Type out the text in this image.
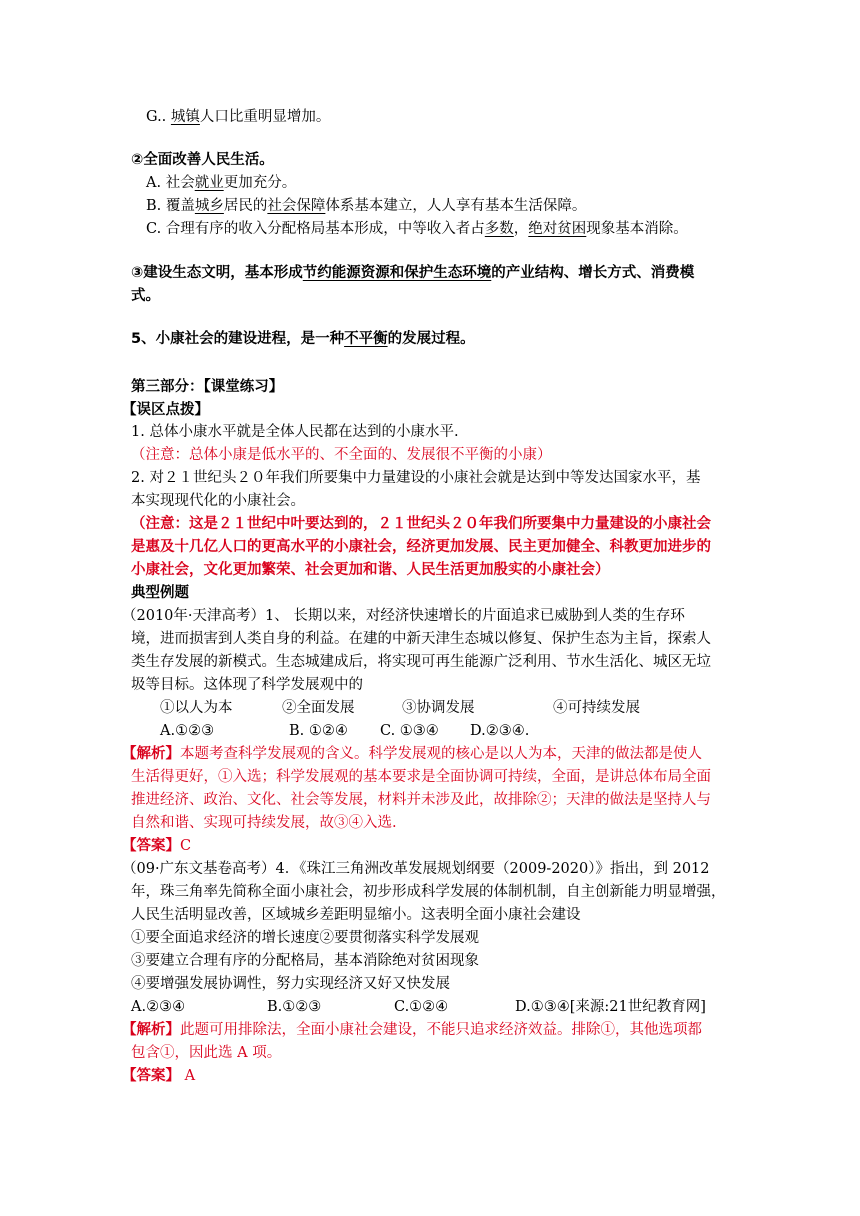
G.. 城镇人口比重明显增加。
②全面改善人民生活。
A. 社会就业更加充分。
B. 覆盖城乡居民的社会保障体系基本建立，人人享有基本生活保障。
C. 合理有序的收入分配格局基本形成，中等收入者占多数，绝对贫困现象基本消除。
③建设生态文明，基本形成节约能源资源和保护生态环境的产业结构、增长方式、消费模
式。
5、小康社会的建设进程，是一种不平衡的发展过程。
第三部分：【课堂练习】
【误区点拨】
1. 总体小康水平就是全体人民都在达到的小康水平.
（注意：总体小康是低水平的、不全面的、发展很不平衡的小康）
2. 对２１世纪头２０年我们所要集中力量建设的小康社会就是达到中等发达国家水平，基
本实现现代化的小康社会。
（注意：这是２１世纪中叶要达到的，２１世纪头２０年我们所要集中力量建设的小康社会
是惠及十几亿人口的更高水平的小康社会，经济更加发展、民主更加健全、科教更加进步的
小康社会，文化更加繁荣、社会更加和谐、人民生活更加殷实的小康社会）
典型例题
（2010年·天津高考）1、 长期以来，对经济快速增长的片面追求已威胁到人类的生存环
境，进而损害到人类自身的利益。在建的中新天津生态城以修复、保护生态为主旨，探索人
类生存发展的新模式。生态城建成后，将实现可再生能源广泛利用、节水生活化、城区无垃
圾等目标。这体现了科学发展观中的
①以人为本	②全面发展	③协调发展	④可持续发展
A.①②③	B. ①②④ C. ①③④ D.②③④.
【解析】本题考查科学发展观的含义。科学发展观的核心是以人为本，天津的做法都是使人
生活得更好，①入选；科学发展观的基本要求是全面协调可持续，全面，是讲总体布局全面
推进经济、政治、文化、社会等发展，材料并未涉及此，故排除②；天津的做法是坚持人与
自然和谐、实现可持续发展，故③④入选.
【答案】C
（09·广东文基卷高考）4．《珠江三角洲改革发展规划纲要（2009-2020）》指出，到 2012
年，珠三角率先简称全面小康社会，初步形成科学发展的体制机制，自主创新能力明显增强，
人民生活明显改善，区域城乡差距明显缩小。这表明全面小康社会建设
①要全面追求经济的增长速度②要贯彻落实科学发展观
③要建立合理有序的分配格局，基本消除绝对贫困现象
④要增强发展协调性，努力实现经济又好又快发展
A.②③④	B.①②③	C.①②④	D.①③④[来源:21世纪教育网]
【解析】此题可用排除法，全面小康社会建设，不能只追求经济效益。排除①，其他选项都
包含①，因此选 A 项。
【答案】 A
